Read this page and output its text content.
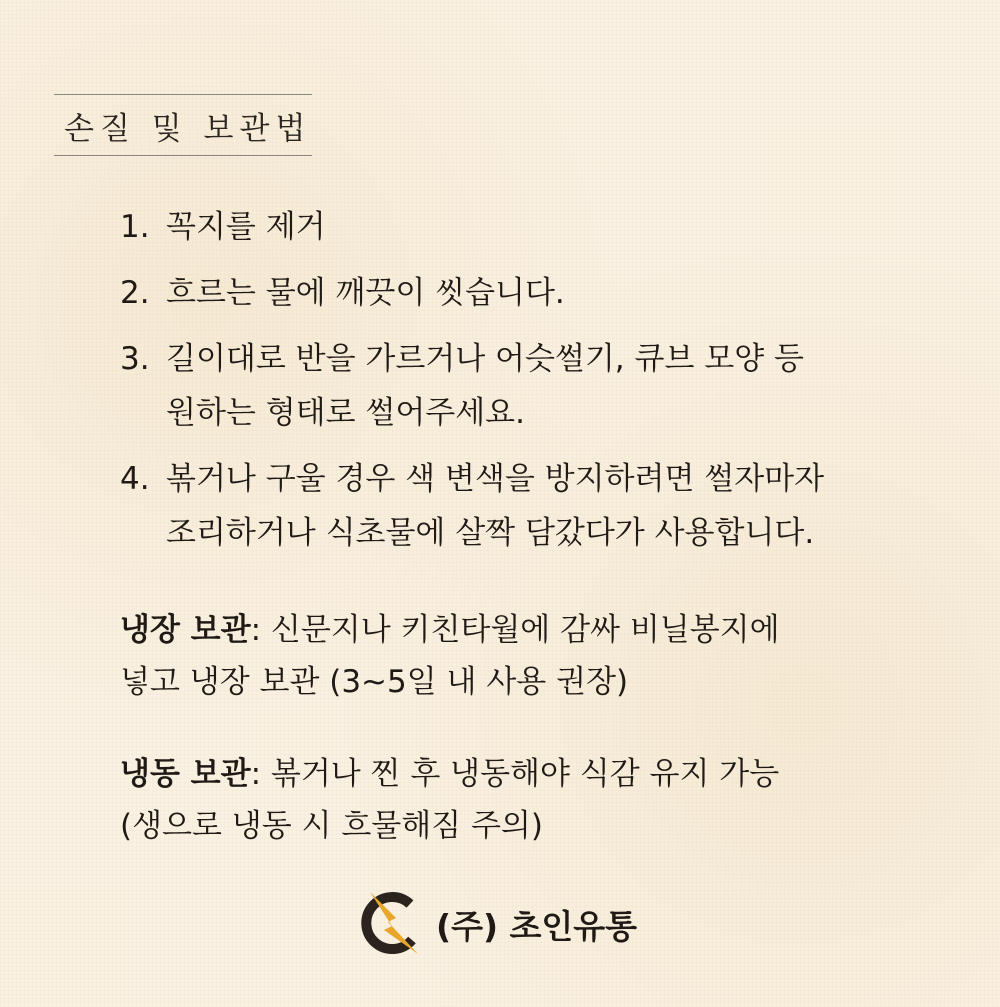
손질 및 보관법
1. 꼭지를 제거
2. 흐르는 물에 깨끗이 씻습니다.
3. 길이대로 반을 가르거나 어슷썰기, 큐브 모양 등
원하는 형태로 썰어주세요.
4. 볶거나 구울 경우 색 변색을 방지하려면 썰자마자
조리하거나 식초물에 살짝 담갔다가 사용합니다.
냉장 보관: 신문지나 키친타월에 감싸 비닐봉지에
넣고 냉장 보관 (3~5일 내 사용 권장)
냉동 보관: 볶거나 찐 후 냉동해야 식감 유지 가능
(생으로 냉동 시 흐물해짐 주의)
(주) 초인유통
